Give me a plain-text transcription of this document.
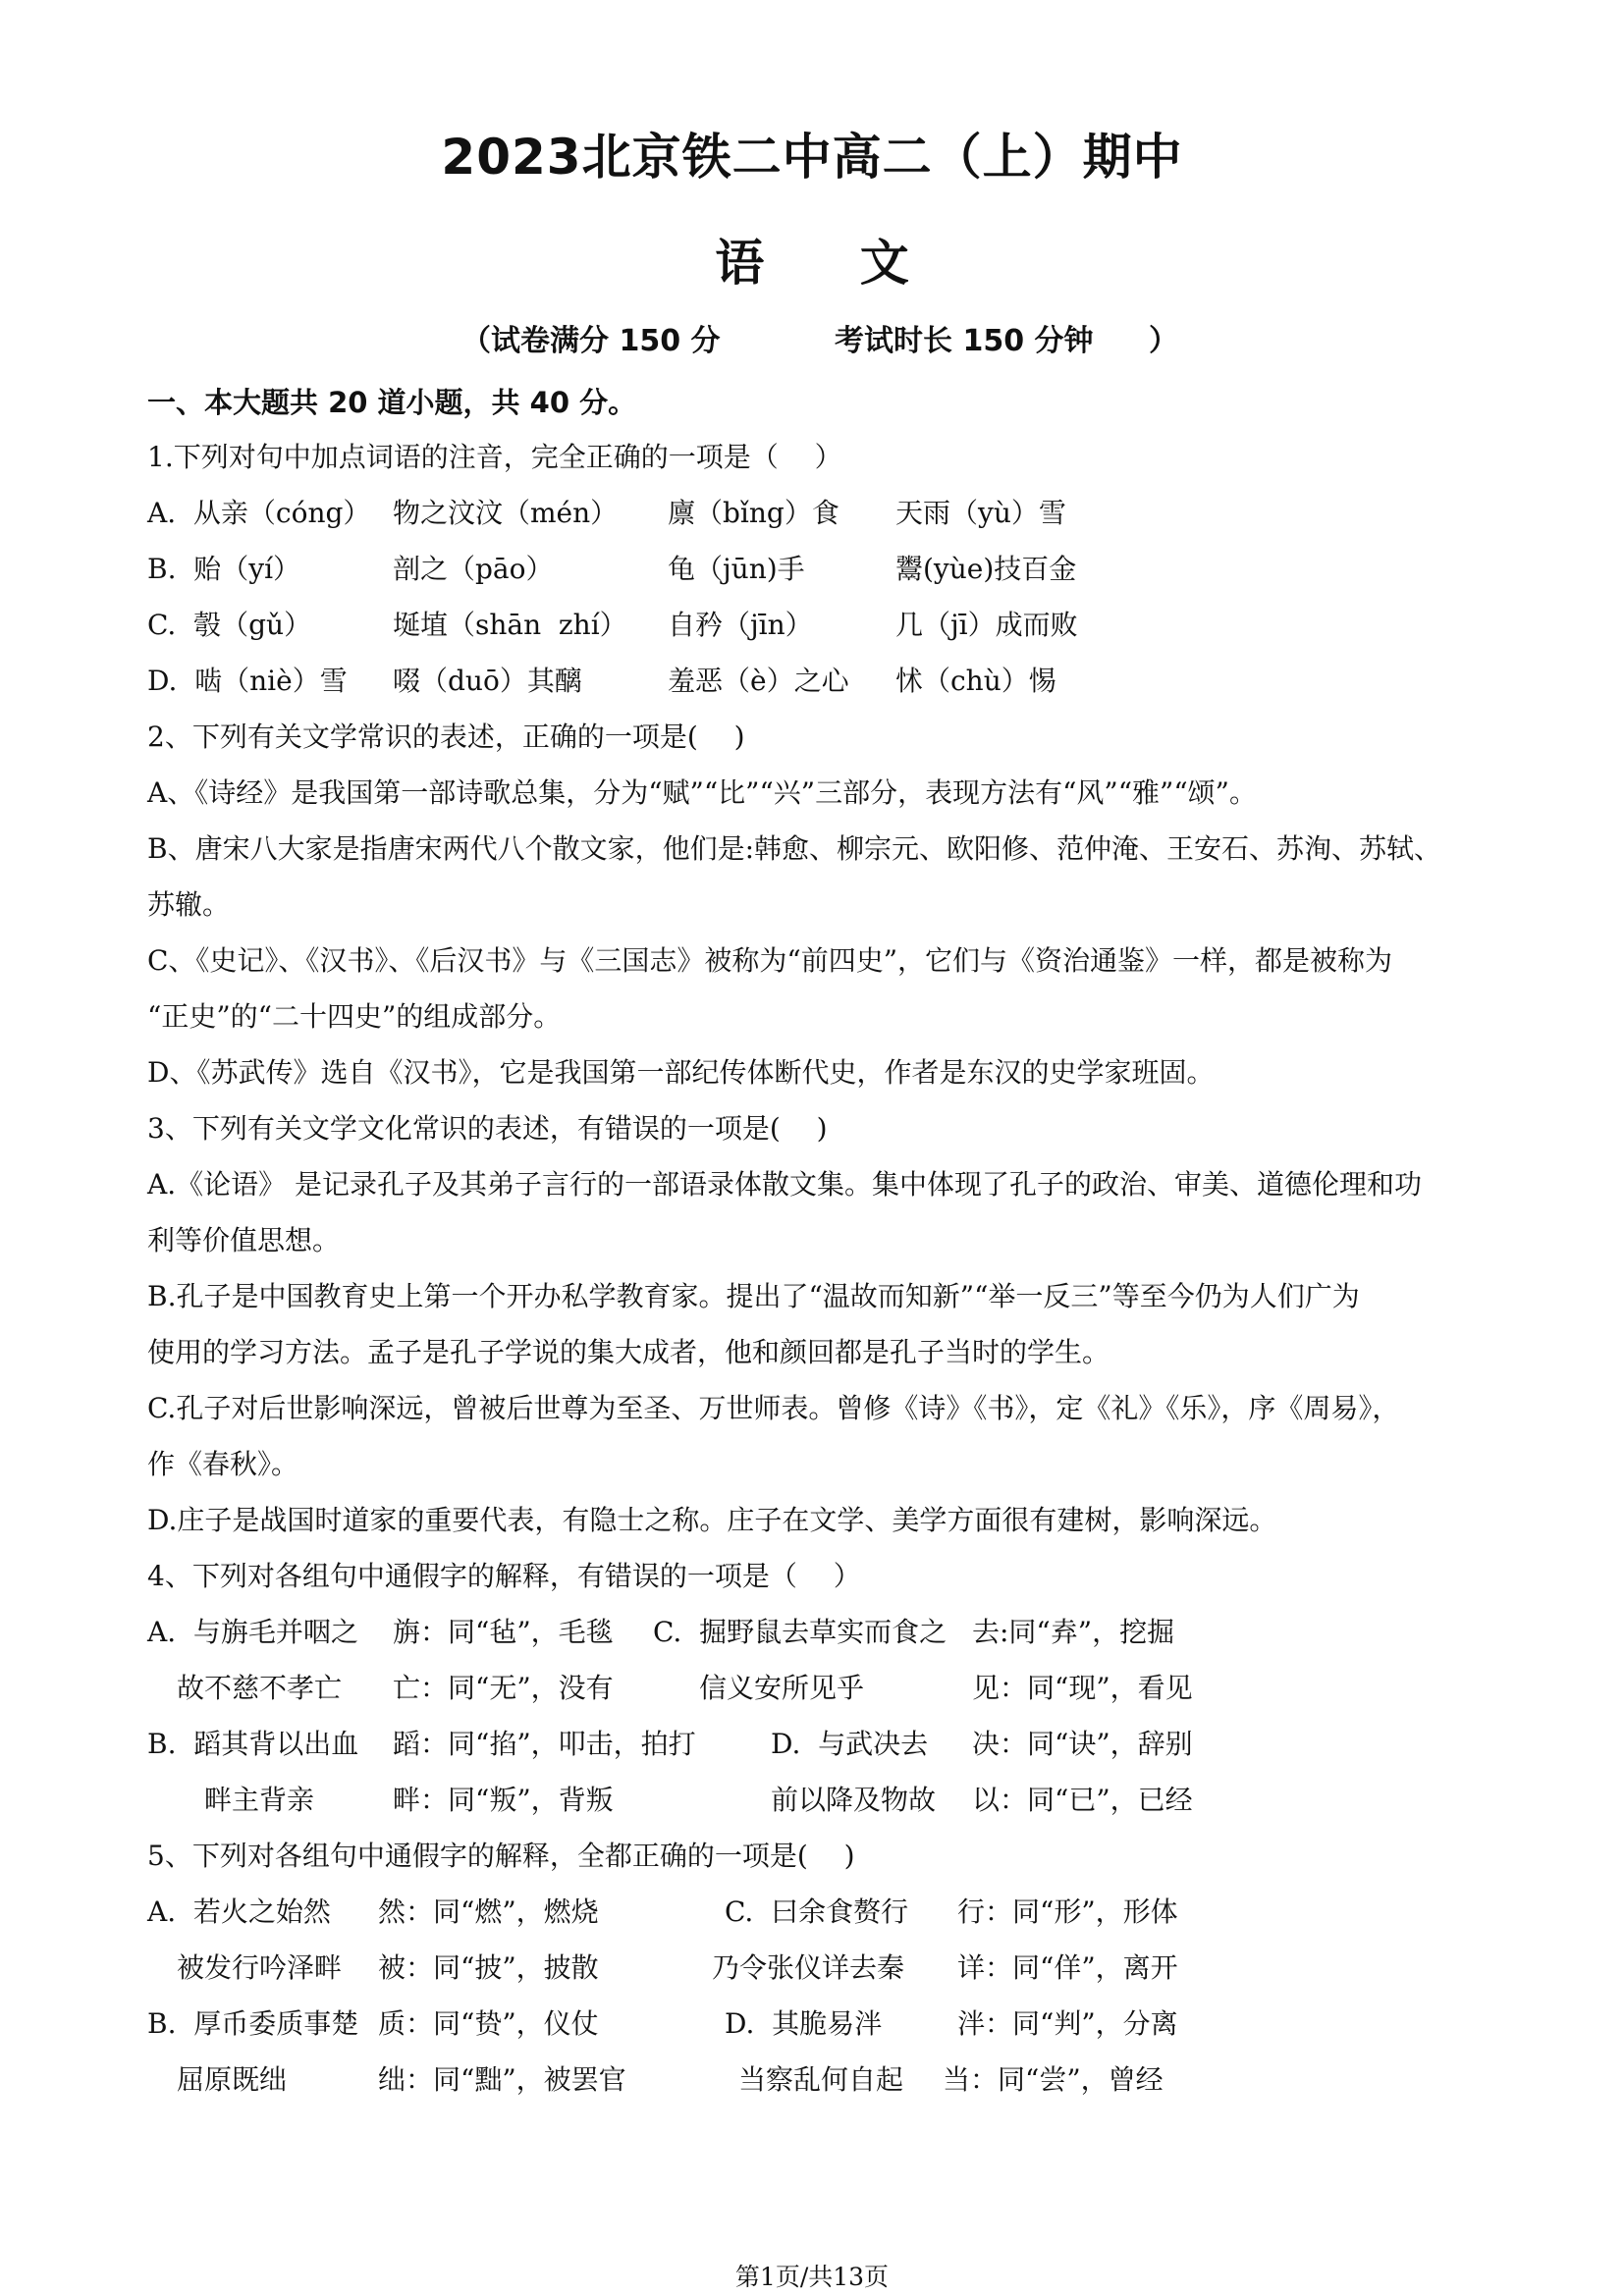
2023北京铁二中高二（上）期中
语 文
（试卷满分 150 分	考试时长 150 分钟 ）
一、本大题共 20 道小题，共 40 分。
1.下列对句中加点词语的注音，完全正确的一项是（　 ）
A.  从亲（cóng） 物之汶汶（mén） 廪（bǐng）食 天雨（yù）雪
B.  贻（yí）	剖之（pāo）	龟（jūn)手	鬻(yùe)技百金
C.  彀（gǔ）	埏埴（shān  zhí） 自矜（jīn）	几（jī）成而败
D.  啮（niè）雪 啜（duō）其醨	羞恶（è）之心 怵（chù）惕
2、下列有关文学常识的表述，正确的一项是(　 )
A、《诗经》是我国第一部诗歌总集，分为“赋”“比”“兴”三部分，表现方法有“风”“雅”“颂”。
B、唐宋八大家是指唐宋两代八个散文家，他们是:韩愈、柳宗元、欧阳修、范仲淹、王安石、苏洵、苏轼、
苏辙。
C、《史记》、《汉书》、《后汉书》与《三国志》被称为“前四史”，它们与《资治通鉴》一样，都是被称为
“正史”的“二十四史”的组成部分。
D、《苏武传》选自《汉书》，它是我国第一部纪传体断代史，作者是东汉的史学家班固。
3、下列有关文学文化常识的表述，有错误的一项是(　 )
A.《论语》 是记录孔子及其弟子言行的一部语录体散文集。集中体现了孔子的政治、审美、道德伦理和功
利等价值思想。
B.孔子是中国教育史上第一个开办私学教育家。提出了“温故而知新”“举一反三”等至今仍为人们广为
使用的学习方法。孟子是孔子学说的集大成者，他和颜回都是孔子当时的学生。
C.孔子对后世影响深远，曾被后世尊为至圣、万世师表。曾修《诗》《书》，定《礼》《乐》，序《周易》，
作《春秋》。
D.庄子是战国时道家的重要代表，有隐士之称。庄子在文学、美学方面很有建树，影响深远。
4、下列对各组句中通假字的解释，有错误的一项是（　 ）
A.  与旃毛并咽之 旃：同“毡”，毛毯 C.  掘野鼠去草实而食之 去:同“弆”，挖掘
故不慈不孝亡 亡：同“无”，没有	信义安所见乎	见：同“现”，看见
B.  蹈其背以出血 蹈：同“掐”，叩击，拍打	D.  与武决去 决：同“诀”，辞别
畔主背亲	畔：同“叛”，背叛	前以降及物故 以：同“已”，已经
5、下列对各组句中通假字的解释，全都正确的一项是(　 )
A.  若火之始然 然：同“燃”，燃烧	C.  曰余食赘行 行：同“形”，形体
被发行吟泽畔 被：同“披”，披散	乃令张仪详去秦 详：同“佯”，离开
B.  厚币委质事楚 质：同“贽”，仪仗	D.  其脆易泮	泮：同“判”，分离
屈原既绌	绌：同“黜”，被罢官	当察乱何自起 当：同“尝”，曾经
第1页/共13页
